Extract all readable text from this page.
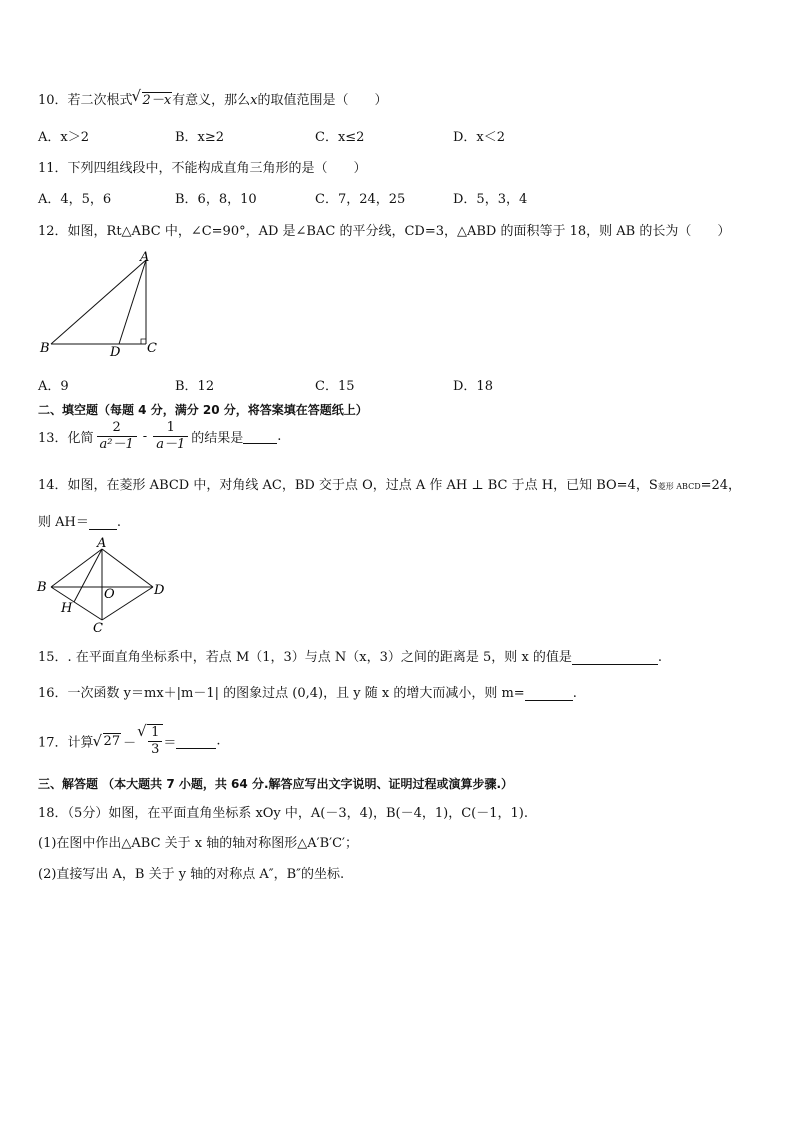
10．若二次根式 √ 2－x有意义，那么x的取值范围是（　　）
A．x＞2	B．x≥2	C．x≤2	D．x＜2
11．下列四组线段中，不能构成直角三角形的是（　　）
A．4，5，6	B．6，8，10	C．7，24，25	D．5，3，4
12．如图，Rt△ABC 中，∠C=90°，AD 是∠BAC 的平分线，CD=3，△ABD 的面积等于 18，则 AB 的长为（　　）
A
B	D C
A．9	B．12	C．15	D．18
二、填空题（每题 4 分，满分 20 分，将答案填在答题纸上）
13．化简 $\frac{2}{\text{a²－1}} - \frac{1}{a-1}$ 的结果是	.
14．如图，在菱形 ABCD 中，对角线 AC，BD 交于点 O，过点 A 作 AH ⊥ BC 于点 H，已知 BO=4，S菱形 ABCD=24，
则 AH＝ .
A
B	D
O
H
C
15．. 在平面直角坐标系中，若点 M（1，3）与点 N（x，3）之间的距离是 5，则 x 的值是	.
16．一次函数 y＝mx＋|m－1| 的图象过点 (0,4)，且 y 随 x 的增大而减小，则 m=	.
17．计算 √ 27 － √ $\frac{1}{3}$ ＝	.
三、解答题 （本大题共 7 小题，共 64 分.解答应写出文字说明、证明过程或演算步骤.）
18．（5分）如图，在平面直角坐标系 xOy 中，A(－3，4)，B(－4，1)，C(－1，1).
(1)在图中作出△ABC 关于 x 轴的轴对称图形△A′B′C′；
(2)直接写出 A，B 关于 y 轴的对称点 A″，B″的坐标.
